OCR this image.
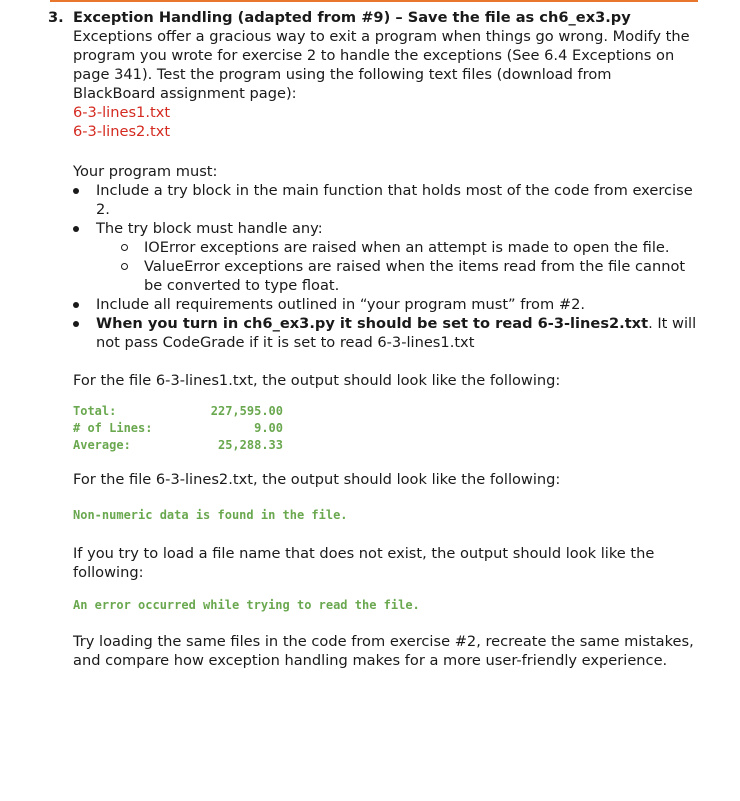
3. Exception Handling (adapted from #9) – Save the file as ch6_ex3.py
Exceptions offer a gracious way to exit a program when things go wrong. Modify the program you wrote for exercise 2 to handle the exceptions (See 6.4 Exceptions on page 341). Test the program using the following text files (download from BlackBoard assignment page):
6-3-lines1.txt
6-3-lines2.txt
Your program must:
Include a try block in the main function that holds most of the code from exercise 2.
The try block must handle any:
IOError exceptions are raised when an attempt is made to open the file.
ValueError exceptions are raised when the items read from the file cannot be converted to type float.
Include all requirements outlined in “your program must” from #2.
When you turn in ch6_ex3.py it should be set to read 6-3-lines2.txt. It will not pass CodeGrade if it is set to read 6-3-lines1.txt
For the file 6-3-lines1.txt, the output should look like the following:
Total:	227,595.00
# of Lines:	9.00
Average:	25,288.33
For the file 6-3-lines2.txt, the output should look like the following:
Non-numeric data is found in the file.
If you try to load a file name that does not exist, the output should look like the following:
An error occurred while trying to read the file.
Try loading the same files in the code from exercise #2, recreate the same mistakes, and compare how exception handling makes for a more user-friendly experience.
